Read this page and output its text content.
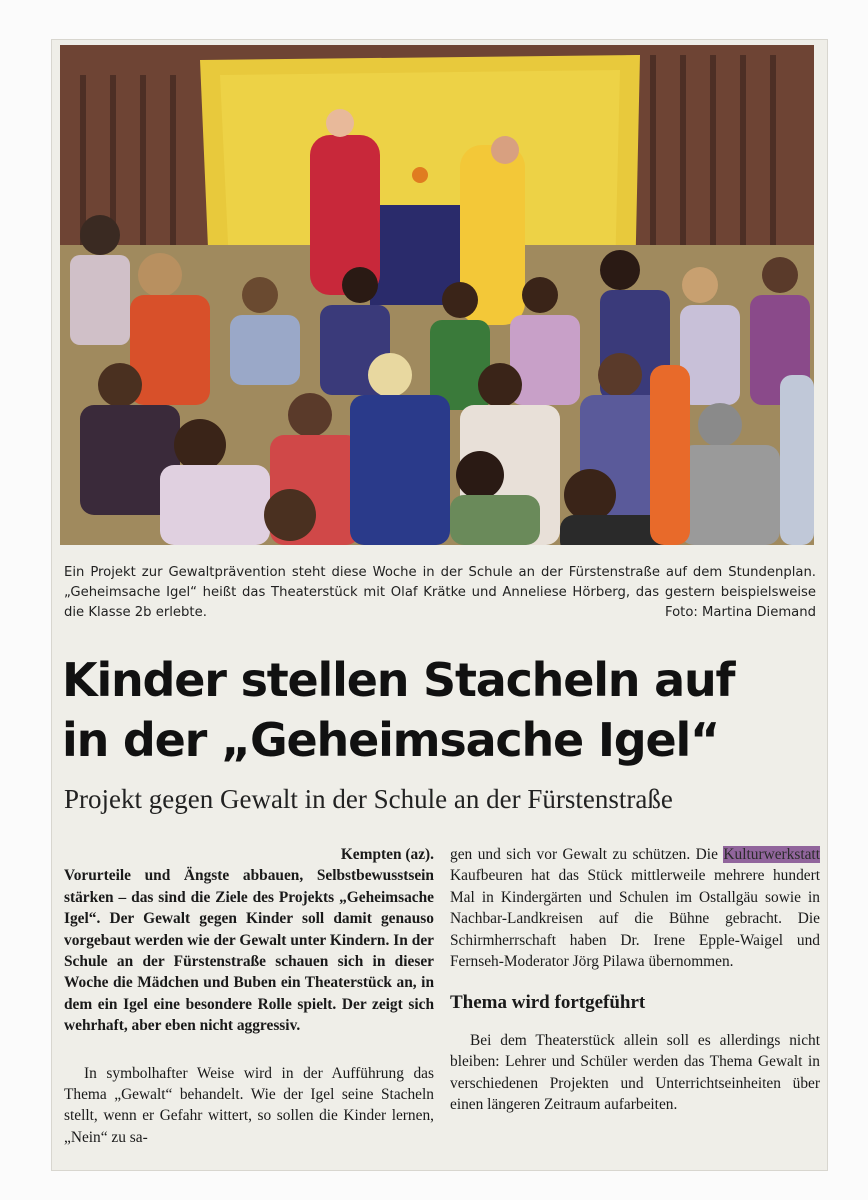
Ein Projekt zur Gewaltprävention steht diese Woche in der Schule an der Fürstenstraße auf dem Stundenplan. „Geheimsache Igel“ heißt das Theaterstück mit Olaf Krätke und Anneliese Hörberg, das gestern beispielsweise die Klasse 2b erlebte.	Foto: Martina Diemand
Kinder stellen Stacheln auf
in der „Geheimsache Igel“
Projekt gegen Gewalt in der Schule an der Fürstenstraße

Kempten (az).
Vorurteile und Ängste abbauen, Selbstbewusstsein stärken – das sind die Ziele des Projekts „Geheimsache Igel“. Der Gewalt gegen Kinder soll damit genauso vorgebaut werden wie der Gewalt unter Kindern. In der Schule an der Fürstenstraße schauen sich in dieser Woche die Mädchen und Buben ein Theaterstück an, in dem ein Igel eine besondere Rolle spielt. Der zeigt sich wehrhaft, aber eben nicht aggressiv.

In symbolhafter Weise wird in der Aufführung das Thema „Gewalt“ behandelt. Wie der Igel seine Stacheln stellt, wenn er Gefahr wittert, so sollen die Kinder lernen, „Nein“ zu sa-

gen und sich vor Gewalt zu schützen. Die Kulturwerkstatt Kaufbeuren hat das Stück mittlerweile mehrere hundert Mal in Kindergärten und Schulen im Ostallgäu sowie in Nachbar-Landkreisen auf die Bühne gebracht. Die Schirmherrschaft haben Dr. Irene Epple-Waigel und Fernseh-Moderator Jörg Pilawa übernommen.

Thema wird fortgeführt

Bei dem Theaterstück allein soll es allerdings nicht bleiben: Lehrer und Schüler werden das Thema Gewalt in verschiedenen Projekten und Unterrichtseinheiten über einen längeren Zeitraum aufarbeiten.
